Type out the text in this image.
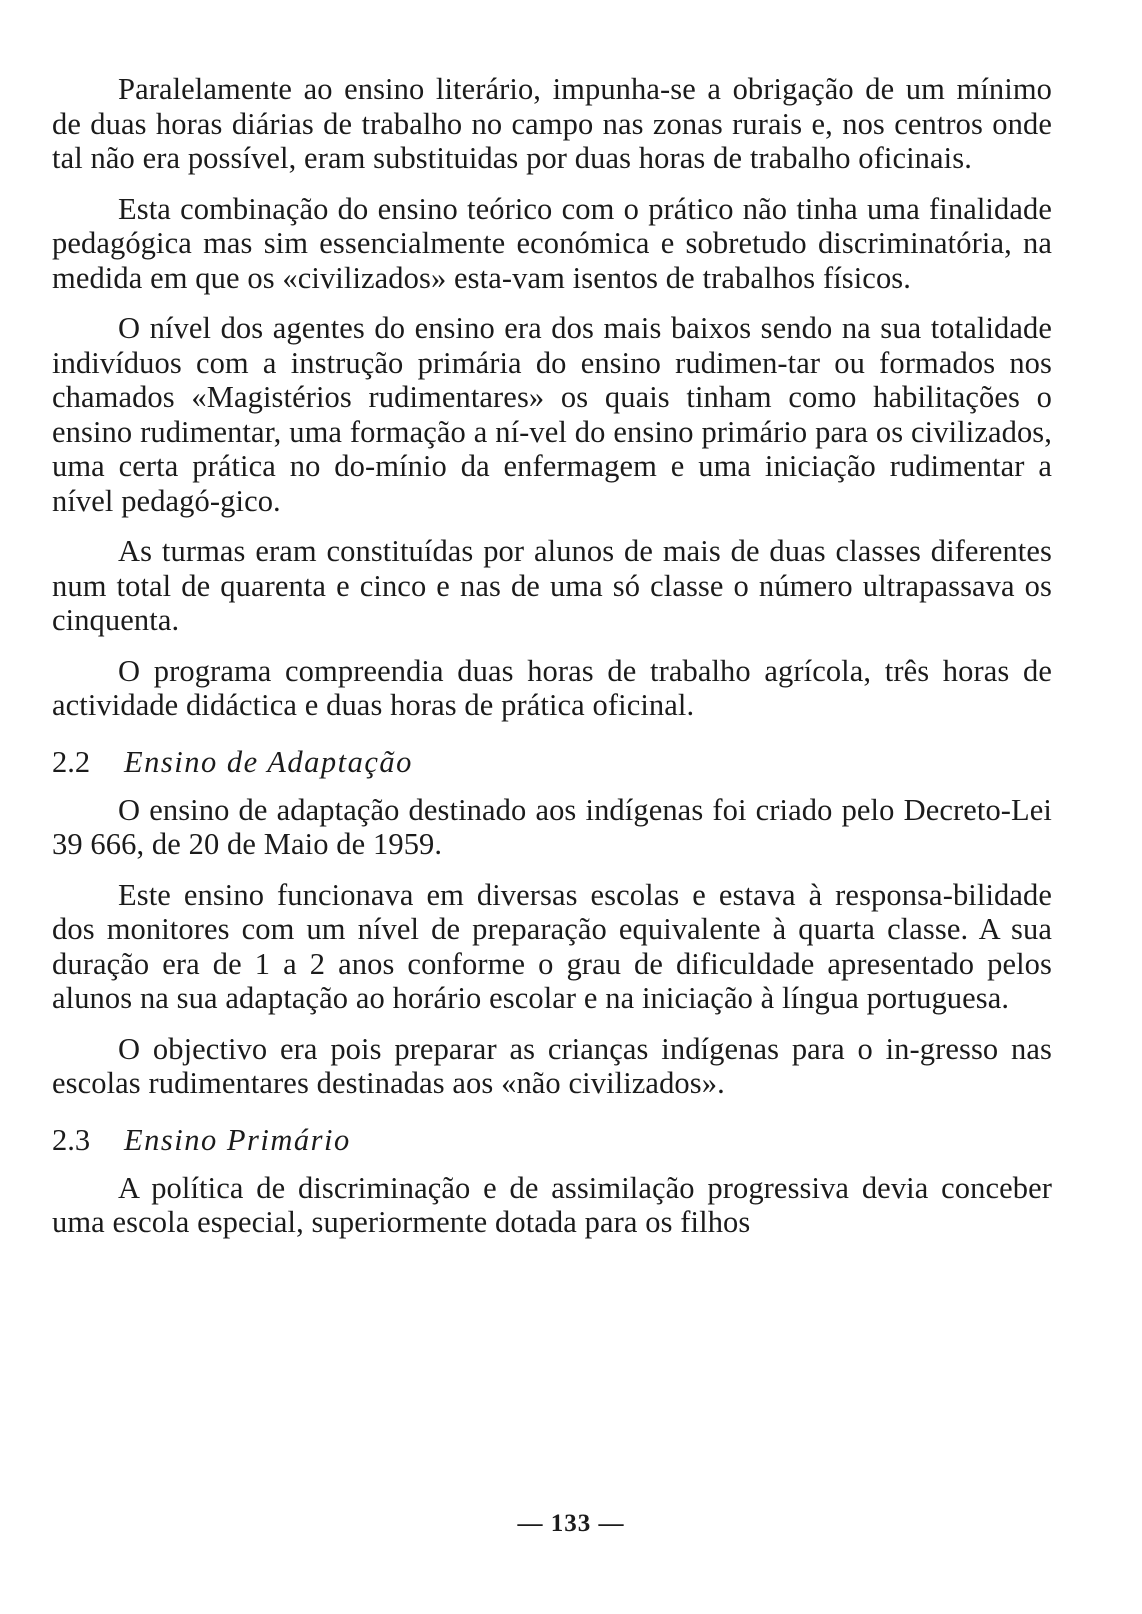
Paralelamente ao ensino literário, impunha-se a obrigação de um mínimo de duas horas diárias de trabalho no campo nas zonas rurais e, nos centros onde tal não era possível, eram substituidas por duas horas de trabalho oficinais.

Esta combinação do ensino teórico com o prático não tinha uma finalidade pedagógica mas sim essencialmente económica e sobretudo discriminatória, na medida em que os «civilizados» esta-vam isentos de trabalhos físicos.

O nível dos agentes do ensino era dos mais baixos sendo na sua totalidade indivíduos com a instrução primária do ensino rudimen-tar ou formados nos chamados «Magistérios rudimentares» os quais tinham como habilitações o ensino rudimentar, uma formação a ní-vel do ensino primário para os civilizados, uma certa prática no do-mínio da enfermagem e uma iniciação rudimentar a nível pedagó-gico.

As turmas eram constituídas por alunos de mais de duas classes diferentes num total de quarenta e cinco e nas de uma só classe o número ultrapassava os cinquenta.

O programa compreendia duas horas de trabalho agrícola, três horas de actividade didáctica e duas horas de prática oficinal.

2.2	Ensino de Adaptação

O ensino de adaptação destinado aos indígenas foi criado pelo Decreto-Lei 39 666, de 20 de Maio de 1959.

Este ensino funcionava em diversas escolas e estava à responsa-bilidade dos monitores com um nível de preparação equivalente à quarta classe. A sua duração era de 1 a 2 anos conforme o grau de dificuldade apresentado pelos alunos na sua adaptação ao horário escolar e na iniciação à língua portuguesa.

O objectivo era pois preparar as crianças indígenas para o in-gresso nas escolas rudimentares destinadas aos «não civilizados».

2.3	Ensino Primário

A política de discriminação e de assimilação progressiva devia conceber uma escola especial, superiormente dotada para os filhos

— 133 —
